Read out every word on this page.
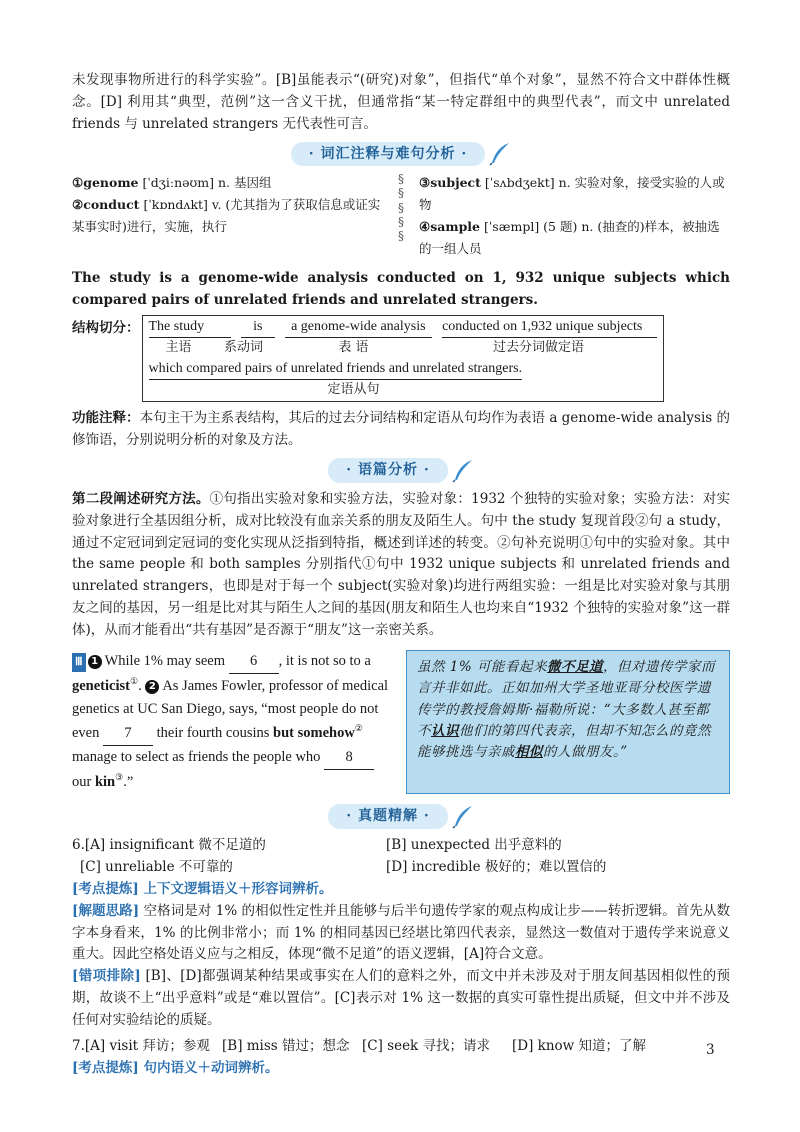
未发现事物所进行的科学实验”。[B]虽能表示“(研究)对象”，但指代“单个对象”，显然不符合文中群体性概念。[D] 利用其“典型，范例”这一含义干扰，但通常指“某一特定群组中的典型代表”，而文中 unrelated friends 与 unrelated strangers 无代表性可言。

· 词汇注释与难句分析 ·
①genome [ˈdʒiːnəʊm] n. 基因组
②conduct [ˈkɒndʌkt] v. (尤其指为了获取信息或证实某事实时)进行，实施，执行
§
§
§
§
§
③subject [ˈsʌbdʒekt] n. 实验对象，接受实验的人或物
④sample [ˈsæmpl] (5 题) n. (抽查的)样本，被抽选的一组人员

The study is a genome-wide analysis conducted on 1, 932 unique subjects which compared pairs of unrelated friends and unrelated strangers.

结构切分： The study	is	a genome-wide analysis	conducted on 1,932 unique subjects
主语	系动词	表 语	过去分词做定语
which compared pairs of unrelated friends and unrelated strangers.
定语从句

功能注释：本句主干为主系表结构，其后的过去分词结构和定语从句均作为表语 a genome-wide analysis 的修饰语，分别说明分析的对象及方法。

· 语篇分析 ·

第二段阐述研究方法。①句指出实验对象和实验方法，实验对象：1932 个独特的实验对象；实验方法：对实验对象进行全基因组分析，成对比较没有血亲关系的朋友及陌生人。句中 the study 复现首段②句 a study，通过不定冠词到定冠词的变化实现从泛指到特指，概述到详述的转变。②句补充说明①句中的实验对象。其中 the same people 和 both samples 分别指代①句中 1932 unique subjects 和 unrelated friends and unrelated strangers，也即是对于每一个 subject(实验对象)均进行两组实验：一组是比对实验对象与其朋友之间的基因，另一组是比对其与陌生人之间的基因(朋友和陌生人也均来自“1932 个独特的实验对象”这一群体)，从而才能看出“共有基因”是否源于“朋友”这一亲密关系。

Ⅲ 1 While 1% may seem 6 , it is not so to a geneticist①. 2 As James Fowler, professor of medical genetics at UC San Diego, says, “most people do not even 7 their fourth cousins but somehow② manage to select as friends the people who 8 our kin③.”
虽然 1% 可能看起来微不足道，但对遗传学家而言并非如此。正如加州大学圣地亚哥分校医学遗传学的教授詹姆斯·福勒所说：“大多数人甚至都不认识他们的第四代表亲，但却不知怎么的竟然能够挑选与亲戚相似的人做朋友。”
· 真题精解 ·
6.[A] insignificant 微不足道的	[B] unexpected 出乎意料的
[C] unreliable 不可靠的	[D] incredible 极好的；难以置信的

[考点提炼] 上下文逻辑语义＋形容词辨析。

[解题思路] 空格词是对 1% 的相似性定性并且能够与后半句遗传学家的观点构成让步——转折逻辑。首先从数字本身看来，1% 的比例非常小；而 1% 的相同基因已经堪比第四代表亲，显然这一数值对于遗传学来说意义重大。因此空格处语义应与之相反，体现“微不足道”的语义逻辑，[A]符合文意。

[错项排除] [B]、[D]都强调某种结果或事实在人们的意料之外，而文中并未涉及对于朋友间基因相似性的预期，故谈不上“出乎意料”或是“难以置信”。[C]表示对 1% 这一数据的真实可靠性提出质疑，但文中并不涉及任何对实验结论的质疑。

7.[A] visit 拜访；参观 [B] miss 错过；想念 [C] seek 寻找；请求	[D] know 知道；了解

[考点提炼] 句内语义＋动词辨析。

3
